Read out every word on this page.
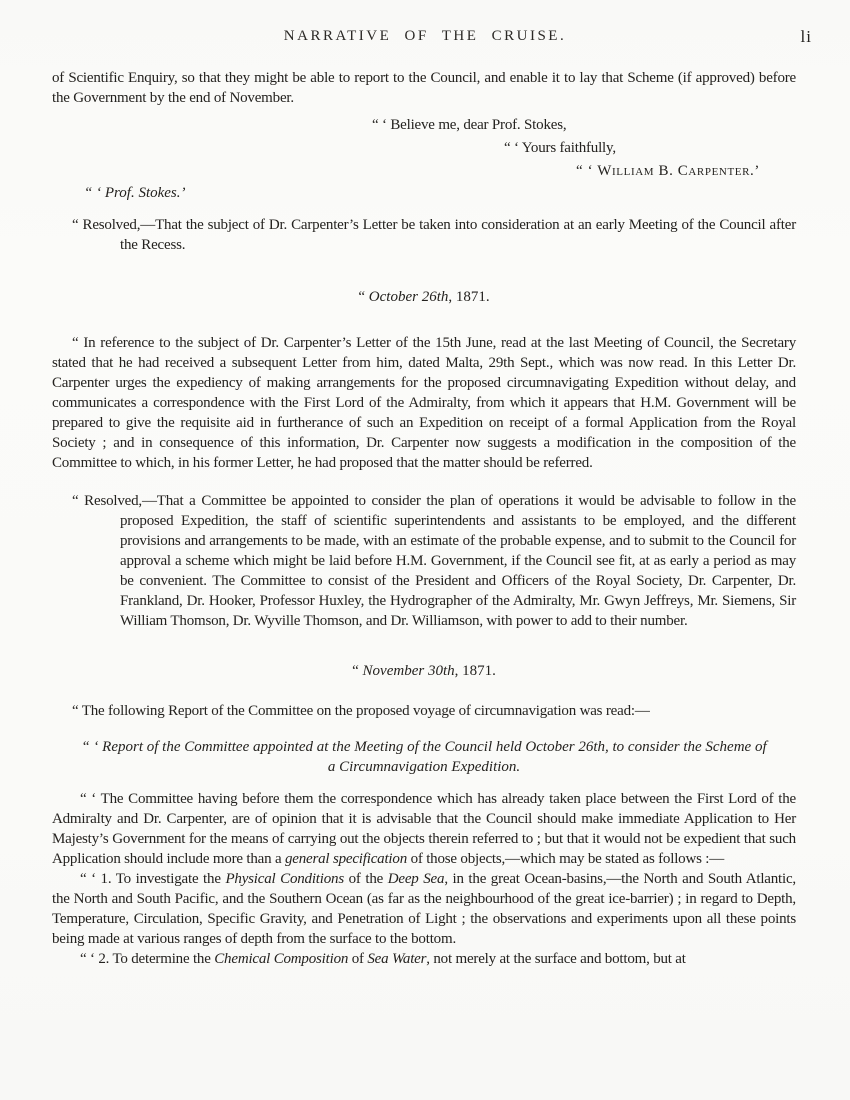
NARRATIVE OF THE CRUISE.	li

of Scientific Enquiry, so that they might be able to report to the Council, and enable it to lay that Scheme (if approved) before the Government by the end of November.

“ ‘ Believe me, dear Prof. Stokes,
“ ‘ Yours faithfully,
“ ‘ William B. Carpenter.’

“ ‘ Prof. Stokes.’

“ Resolved,—That the subject of Dr. Carpenter’s Letter be taken into consideration at an early Meeting of the Council after the Recess.

“ October 26th, 1871.

“ In reference to the subject of Dr. Carpenter’s Letter of the 15th June, read at the last Meeting of Council, the Secretary stated that he had received a subsequent Letter from him, dated Malta, 29th Sept., which was now read. In this Letter Dr. Carpenter urges the expediency of making arrangements for the proposed circumnavigating Expedition without delay, and communicates a correspondence with the First Lord of the Admiralty, from which it appears that H.M. Government will be prepared to give the requisite aid in furtherance of such an Expedition on receipt of a formal Application from the Royal Society ; and in consequence of this information, Dr. Carpenter now suggests a modification in the composition of the Committee to which, in his former Letter, he had proposed that the matter should be referred.

“ Resolved,—That a Committee be appointed to consider the plan of operations it would be advisable to follow in the proposed Expedition, the staff of scientific superintendents and assistants to be employed, and the different provisions and arrangements to be made, with an estimate of the probable expense, and to submit to the Council for approval a scheme which might be laid before H.M. Government, if the Council see fit, at as early a period as may be convenient. The Committee to consist of the President and Officers of the Royal Society, Dr. Carpenter, Dr. Frankland, Dr. Hooker, Professor Huxley, the Hydrographer of the Admiralty, Mr. Gwyn Jeffreys, Mr. Siemens, Sir William Thomson, Dr. Wyville Thomson, and Dr. Williamson, with power to add to their number.

“ November 30th, 1871.

“ The following Report of the Committee on the proposed voyage of circumnavigation was read:—

“ ‘ Report of the Committee appointed at the Meeting of the Council held October 26th, to consider the Scheme of a Circumnavigation Expedition.

“ ‘ The Committee having before them the correspondence which has already taken place between the First Lord of the Admiralty and Dr. Carpenter, are of opinion that it is advisable that the Council should make immediate Application to Her Majesty’s Government for the means of carrying out the objects therein referred to ; but that it would not be expedient that such Application should include more than a general specification of those objects,—which may be stated as follows :—

“ ‘ 1. To investigate the Physical Conditions of the Deep Sea, in the great Ocean-basins,—the North and South Atlantic, the North and South Pacific, and the Southern Ocean (as far as the neighbourhood of the great ice-barrier) ; in regard to Depth, Temperature, Circulation, Specific Gravity, and Penetration of Light ; the observations and experiments upon all these points being made at various ranges of depth from the surface to the bottom.

“ ‘ 2. To determine the Chemical Composition of Sea Water, not merely at the surface and bottom, but at
